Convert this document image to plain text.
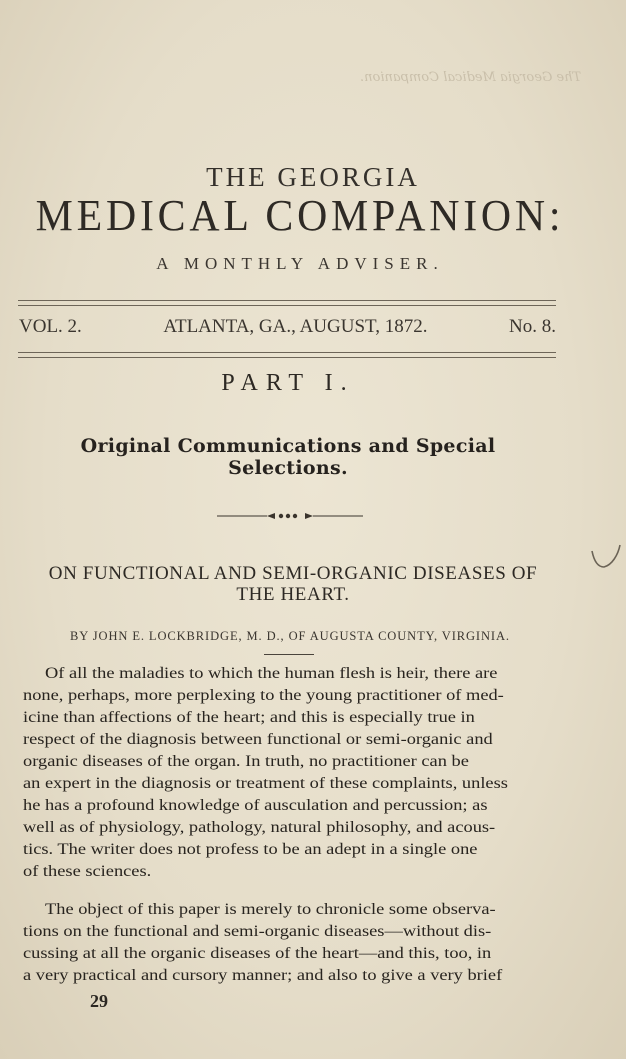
The Georgia Medical Companion.
THE GEORGIA
MEDICAL COMPANION:
A MONTHLY ADVISER.
VOL. 2.	ATLANTA, GA., AUGUST, 1872.	No. 8.
PART I.
Original Communications and Special Selections.
ON FUNCTIONAL AND SEMI-ORGANIC DISEASES OF
THE HEART.
BY JOHN E. LOCKBRIDGE, M. D., OF AUGUSTA COUNTY, VIRGINIA.
Of all the maladies to which the human flesh is heir, there are
none, perhaps, more perplexing to the young practitioner of med-
icine than affections of the heart; and this is especially true in
respect of the diagnosis between functional or semi-organic and
organic diseases of the organ. In truth, no practitioner can be
an expert in the diagnosis or treatment of these complaints, unless
he has a profound knowledge of ausculation and percussion; as
well as of physiology, pathology, natural philosophy, and acous-
tics. The writer does not profess to be an adept in a single one
of these sciences.
The object of this paper is merely to chronicle some observa-
tions on the functional and semi-organic diseases—without dis-
cussing at all the organic diseases of the heart—and this, too, in
a very practical and cursory manner; and also to give a very brief
29
